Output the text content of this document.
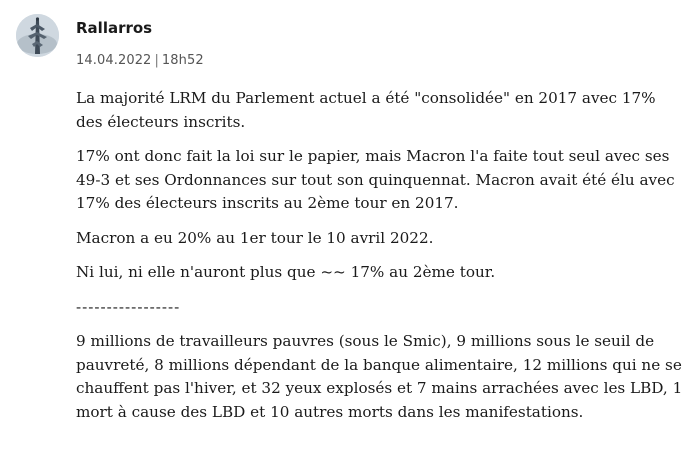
Rallarros
14.04.2022 | 18h52

La majorité LRM du Parlement actuel a été "consolidée" en 2017 avec 17% des électeurs inscrits.

17% ont donc fait la loi sur le papier, mais Macron l'a faite tout seul avec ses 49-3 et ses Ordonnances sur tout son quinquennat. Macron avait été élu avec 17% des électeurs inscrits au 2ème tour en 2017.

Macron a eu 20% au 1er tour le 10 avril 2022.

Ni lui, ni elle n'auront plus que ~~ 17% au 2ème tour.

-----------------

9 millions de travailleurs pauvres (sous le Smic), 9 millions sous le seuil de pauvreté, 8 millions dépendant de la banque alimentaire, 12 millions qui ne se chauffent pas l'hiver, et 32 yeux explosés et 7 mains arrachées avec les LBD, 1 mort à cause des LBD et 10 autres morts dans les manifestations.
